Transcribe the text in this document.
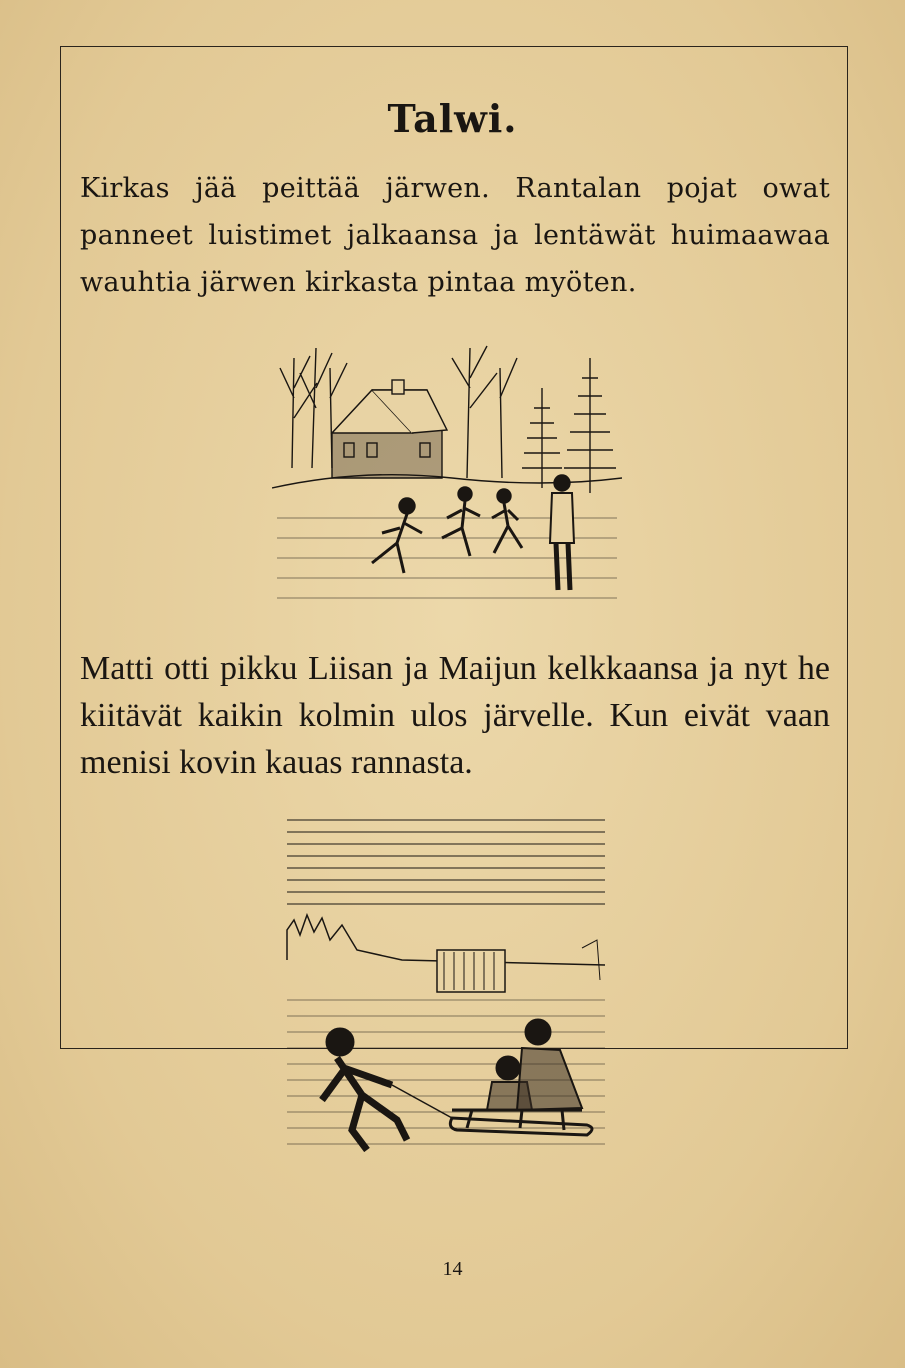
Talwi.

Kirkas jää peittää järwen. Rantalan pojat owat panneet luistimet jalkaansa ja lentäwät huimaawaa wauhtia järwen kirkasta pintaa myöten.

Matti otti pikku Liisan ja Maijun kelkkaansa ja nyt he kiitävät kaikin kolmin ulos järvelle. Kun eivät vaan menisi kovin kauas rannasta.

14
